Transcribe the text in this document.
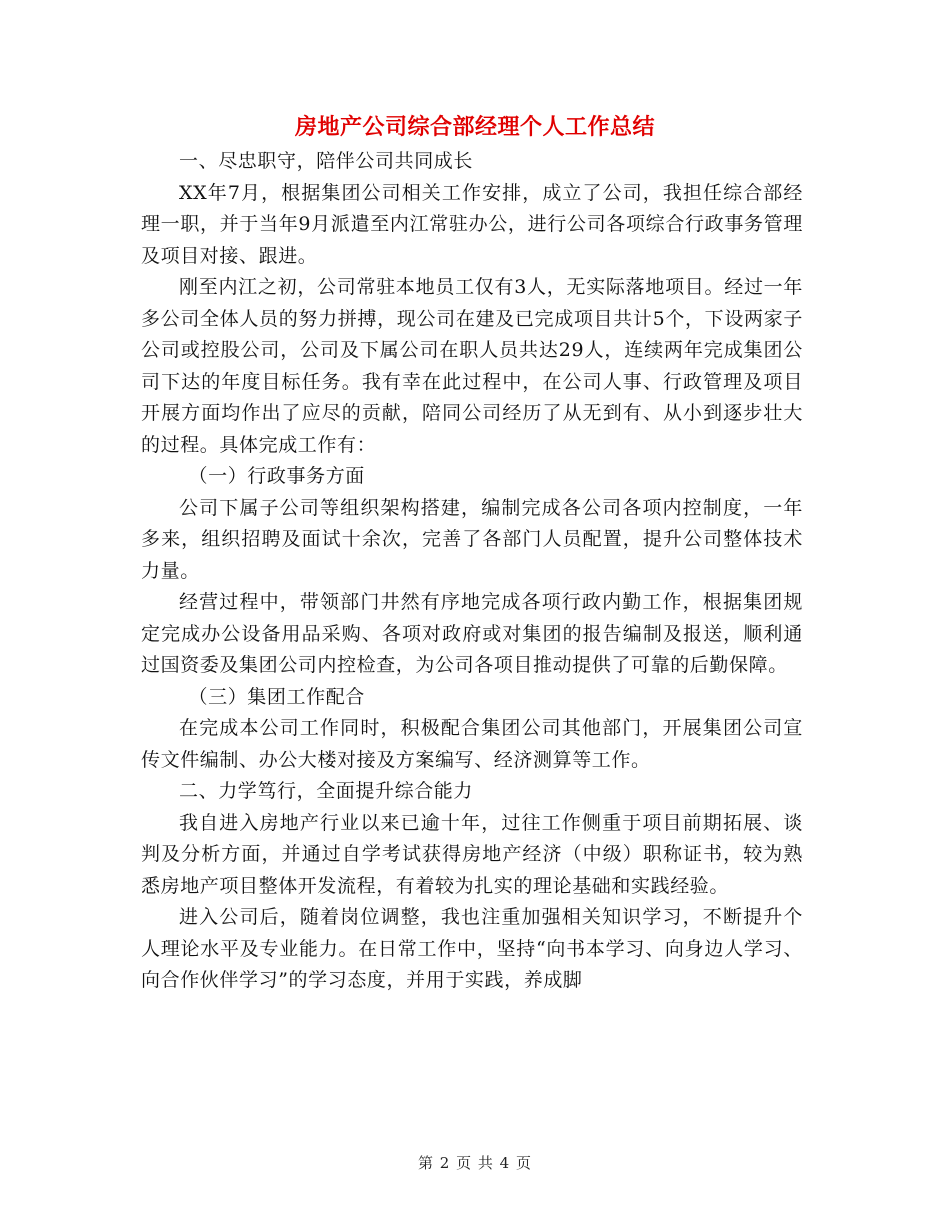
房地产公司综合部经理个人工作总结

一、尽忠职守，陪伴公司共同成长

XX年7月，根据集团公司相关工作安排，成立了公司，我担任综合部经理一职，并于当年9月派遣至内江常驻办公，进行公司各项综合行政事务管理及项目对接、跟进。

刚至内江之初，公司常驻本地员工仅有3人，无实际落地项目。经过一年多公司全体人员的努力拼搏，现公司在建及已完成项目共计5个，下设两家子公司或控股公司，公司及下属公司在职人员共达29人，连续两年完成集团公司下达的年度目标任务。我有幸在此过程中，在公司人事、行政管理及项目开展方面均作出了应尽的贡献，陪同公司经历了从无到有、从小到逐步壮大的过程。具体完成工作有：

（一）行政事务方面

公司下属子公司等组织架构搭建，编制完成各公司各项内控制度，一年多来，组织招聘及面试十余次，完善了各部门人员配置，提升公司整体技术力量。

经营过程中，带领部门井然有序地完成各项行政内勤工作，根据集团规定完成办公设备用品采购、各项对政府或对集团的报告编制及报送，顺利通过国资委及集团公司内控检查，为公司各项目推动提供了可靠的后勤保障。

（三）集团工作配合

在完成本公司工作同时，积极配合集团公司其他部门，开展集团公司宣传文件编制、办公大楼对接及方案编写、经济测算等工作。

二、力学笃行，全面提升综合能力

我自进入房地产行业以来已逾十年，过往工作侧重于项目前期拓展、谈判及分析方面，并通过自学考试获得房地产经济（中级）职称证书，较为熟悉房地产项目整体开发流程，有着较为扎实的理论基础和实践经验。

进入公司后，随着岗位调整，我也注重加强相关知识学习，不断提升个人理论水平及专业能力。在日常工作中，坚持“向书本学习、向身边人学习、向合作伙伴学习”的学习态度，并用于实践，养成脚

第 2 页 共 4 页
